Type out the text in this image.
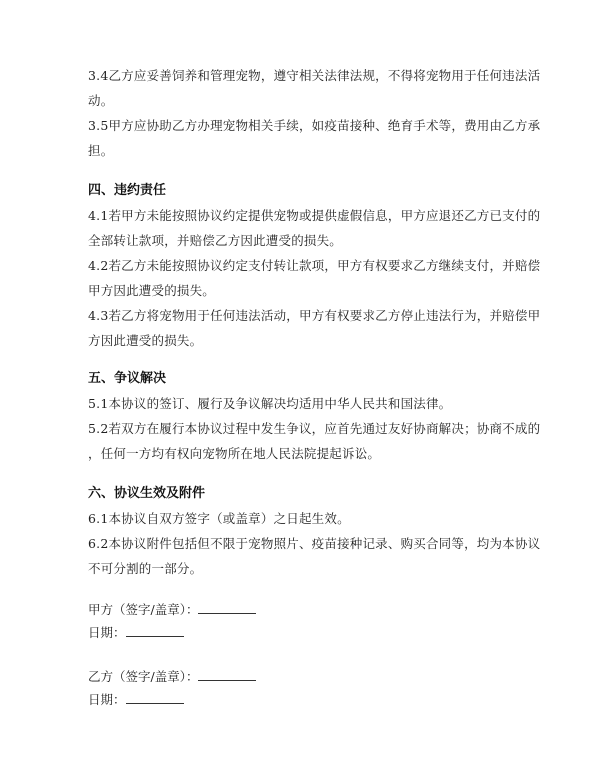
3.4乙方应妥善饲养和管理宠物，遵守相关法律法规，不得将宠物用于任何违法活
动。
3.5甲方应协助乙方办理宠物相关手续，如疫苗接种、绝育手术等，费用由乙方承
担。
四、违约责任
4.1若甲方未能按照协议约定提供宠物或提供虚假信息，甲方应退还乙方已支付的
全部转让款项，并赔偿乙方因此遭受的损失。
4.2若乙方未能按照协议约定支付转让款项，甲方有权要求乙方继续支付，并赔偿
甲方因此遭受的损失。
4.3若乙方将宠物用于任何违法活动，甲方有权要求乙方停止违法行为，并赔偿甲
方因此遭受的损失。
五、争议解决
5.1本协议的签订、履行及争议解决均适用中华人民共和国法律。
5.2若双方在履行本协议过程中发生争议，应首先通过友好协商解决；协商不成的
，任何一方均有权向宠物所在地人民法院提起诉讼。
六、协议生效及附件
6.1本协议自双方签字（或盖章）之日起生效。
6.2本协议附件包括但不限于宠物照片、疫苗接种记录、购买合同等，均为本协议
不可分割的一部分。
甲方（签字/盖章）：
日期：
乙方（签字/盖章）：
日期：
